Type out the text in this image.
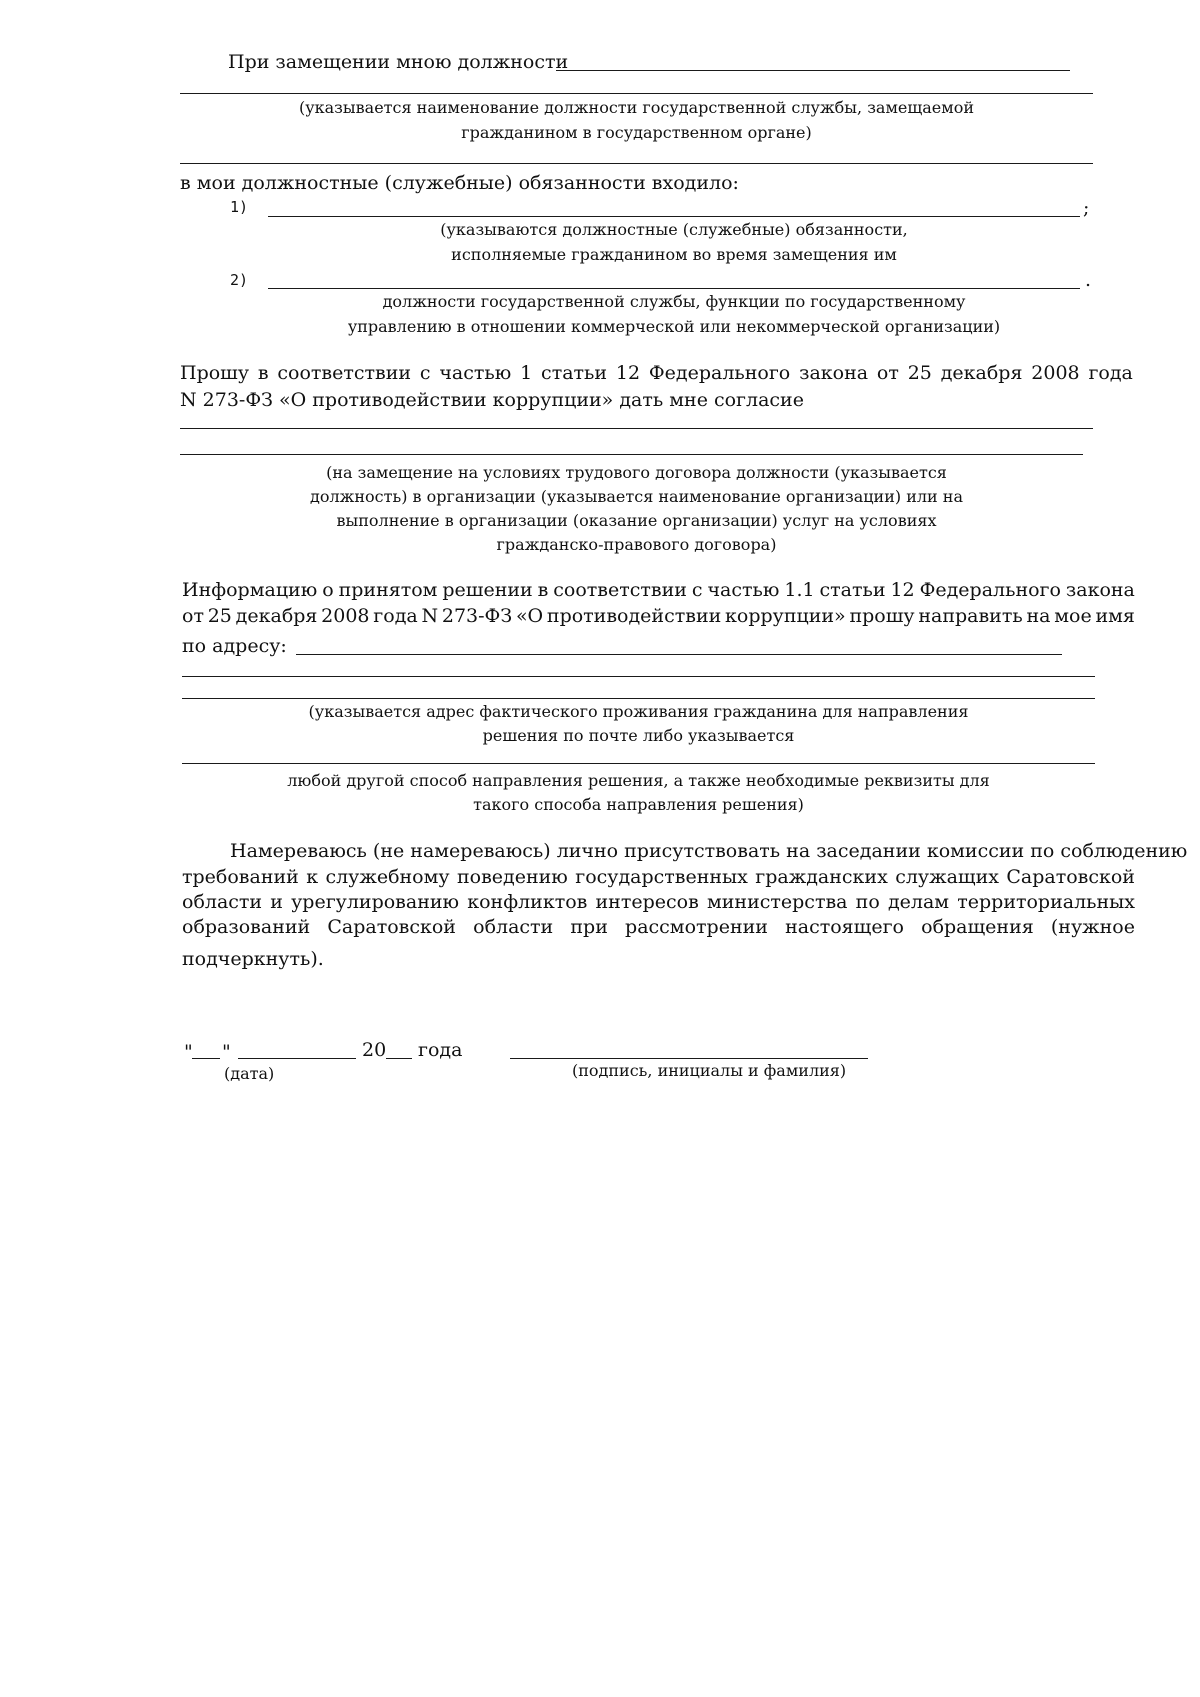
При замещении мною должности
(указывается наименование должности государственной службы, замещаемой
гражданином в государственном органе)
в мои должностные (служебные) обязанности входило:
1)	;
(указываются должностные (служебные) обязанности,
исполняемые гражданином во время замещения им
2)	.
должности государственной службы, функции по государственному
управлению в отношении коммерческой или некоммерческой организации)
Прошу в соответствии с частью 1 статьи 12 Федерального закона от 25 декабря 2008 года
N 273-ФЗ «О противодействии коррупции» дать мне согласие
(на замещение на условиях трудового договора должности (указывается
должность) в организации (указывается наименование организации) или на
выполнение в организации (оказание организации) услуг на условиях
гражданско-правового договора)
Информацию о принятом решении в соответствии с частью 1.1 статьи 12 Федерального закона
от 25 декабря 2008 года N 273-ФЗ «О противодействии коррупции» прошу направить на мое имя
по адресу:
(указывается адрес фактического проживания гражданина для направления
решения по почте либо указывается
любой другой способ направления решения, а также необходимые реквизиты для
такого способа направления решения)
Намереваюсь (не намереваюсь) лично присутствовать на заседании комиссии по соблюдению
требований к служебному поведению государственных гражданских служащих Саратовской
области и урегулированию конфликтов интересов министерства по делам территориальных
образований Саратовской области при рассмотрении настоящего обращения (нужное
подчеркнуть).
" "	20 года
(дата)	(подпись, инициалы и фамилия)
